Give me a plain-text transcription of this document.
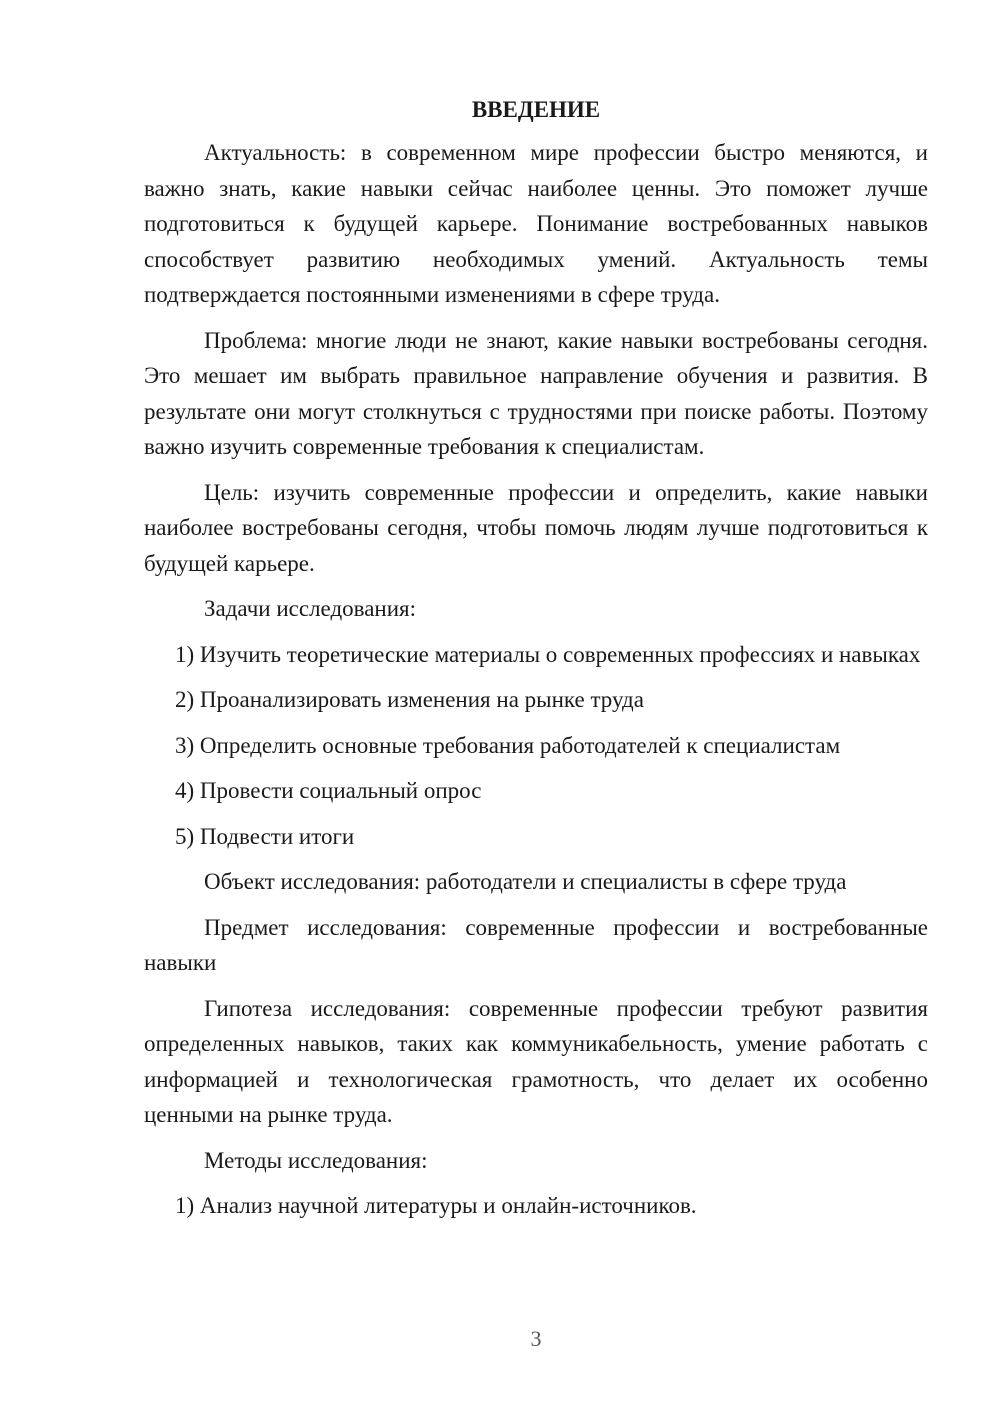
ВВЕДЕНИЕ

Актуальность: в современном мире профессии быстро меняются, и важно знать, какие навыки сейчас наиболее ценны. Это поможет лучше подготовиться к будущей карьере. Понимание востребованных навыков способствует развитию необходимых умений. Актуальность темы подтверждается постоянными изменениями в сфере труда.

Проблема: многие люди не знают, какие навыки востребованы сегодня. Это мешает им выбрать правильное направление обучения и развития. В результате они могут столкнуться с трудностями при поиске работы. Поэтому важно изучить современные требования к специалистам.

Цель: изучить современные профессии и определить, какие навыки наиболее востребованы сегодня, чтобы помочь людям лучше подготовиться к будущей карьере.

Задачи исследования:

1) Изучить теоретические материалы о современных профессиях и навыках

2) Проанализировать изменения на рынке труда

3) Определить основные требования работодателей к специалистам

4) Провести социальный опрос

5) Подвести итоги

Объект исследования: работодатели и специалисты в сфере труда

Предмет исследования: современные профессии и востребованные навыки

Гипотеза исследования: современные профессии требуют развития определенных навыков, таких как коммуникабельность, умение работать с информацией и технологическая грамотность, что делает их особенно ценными на рынке труда.

Методы исследования:

1) Анализ научной литературы и онлайн-источников.

3
